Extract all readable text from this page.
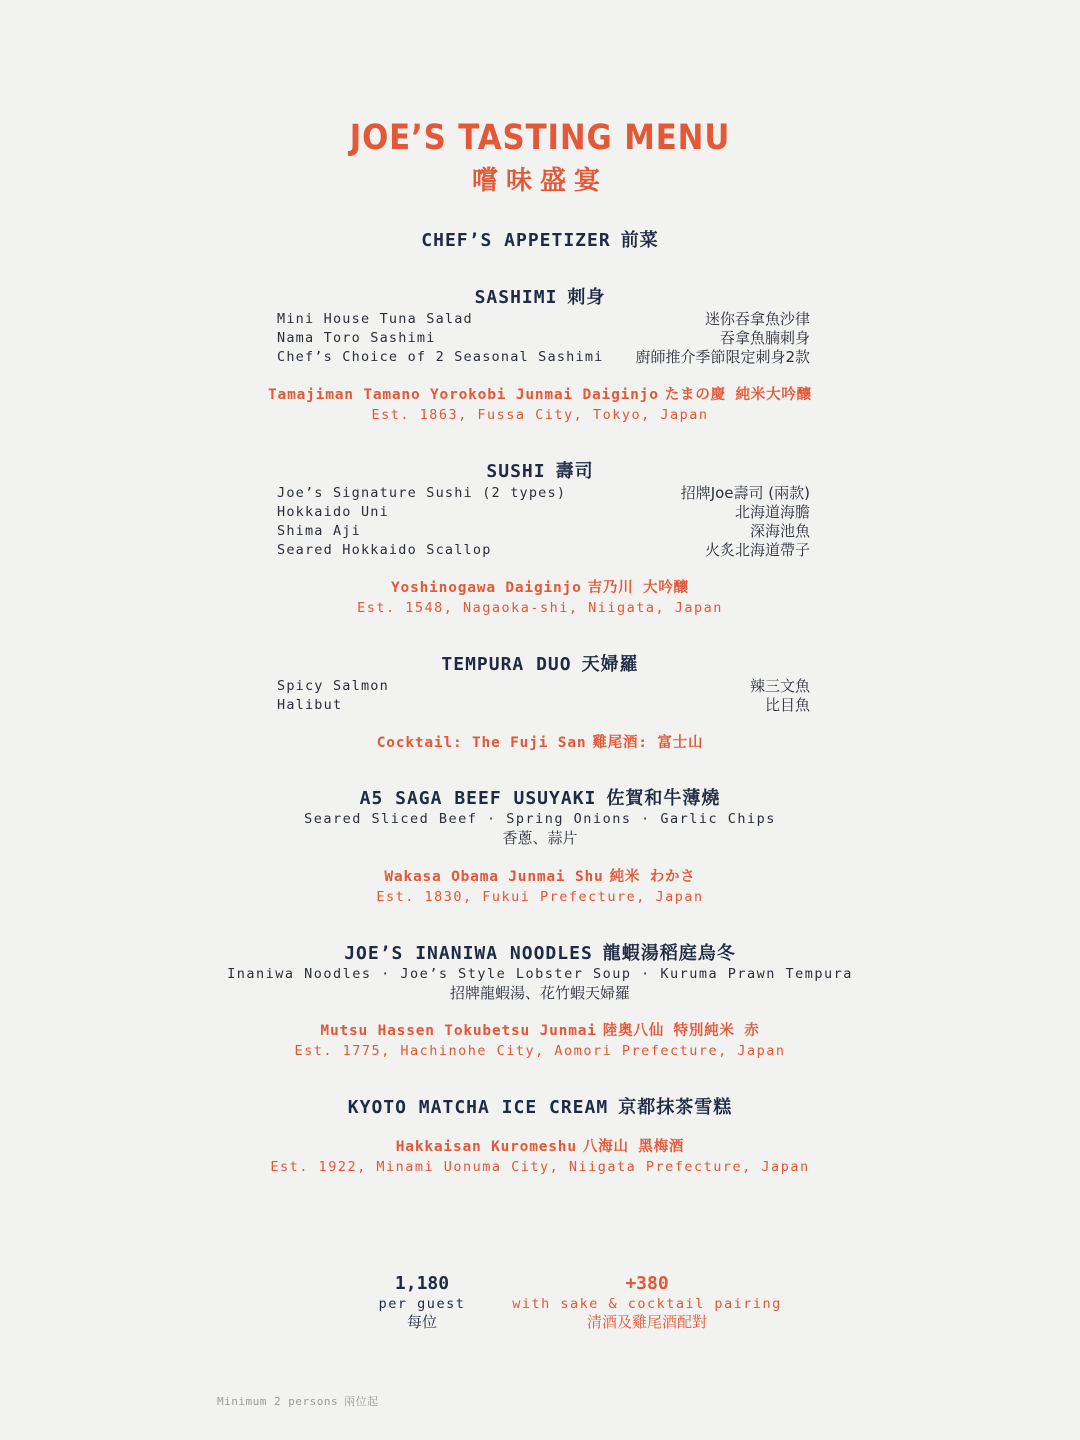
JOE’S TASTING MENU
嚐味盛宴
CHEF’S APPETIZER 前菜
SASHIMI 刺身
Mini House Tuna Salad	迷你吞拿魚沙律
Nama Toro Sashimi	吞拿魚腩刺身
Chef’s Choice of 2 Seasonal Sashimi 廚師推介季節限定刺身2款
Tamajiman Tamano Yorokobi Junmai Daiginjo たまの慶 純米大吟釀
Est. 1863, Fussa City, Tokyo, Japan
SUSHI 壽司
Joe’s Signature Sushi (2 types)	招牌Joe壽司 (兩款)
Hokkaido Uni	北海道海膽
Shima Aji	深海池魚
Seared Hokkaido Scallop	火炙北海道帶子
Yoshinogawa Daiginjo 吉乃川 大吟釀
Est. 1548, Nagaoka-shi, Niigata, Japan
TEMPURA DUO 天婦羅
Spicy Salmon	辣三文魚
Halibut	比目魚
Cocktail: The Fuji San 雞尾酒: 富士山
A5 SAGA BEEF USUYAKI 佐賀和牛薄燒
Seared Sliced Beef · Spring Onions · Garlic Chips
香蔥、蒜片
Wakasa Obama Junmai Shu 純米 わかさ
Est. 1830, Fukui Prefecture, Japan
JOE’S INANIWA NOODLES 龍蝦湯稻庭烏冬
Inaniwa Noodles · Joe’s Style Lobster Soup · Kuruma Prawn Tempura
招牌龍蝦湯、花竹蝦天婦羅
Mutsu Hassen Tokubetsu Junmai 陸奥八仙 特別純米 赤
Est. 1775, Hachinohe City, Aomori Prefecture, Japan
KYOTO MATCHA ICE CREAM 京都抹茶雪糕
Hakkaisan Kuromeshu 八海山 黑梅酒
Est. 1922, Minami Uonuma City, Niigata Prefecture, Japan
1,180
per guest
每位
+380
with sake & cocktail pairing
清酒及雞尾酒配對
Minimum 2 persons 兩位起
